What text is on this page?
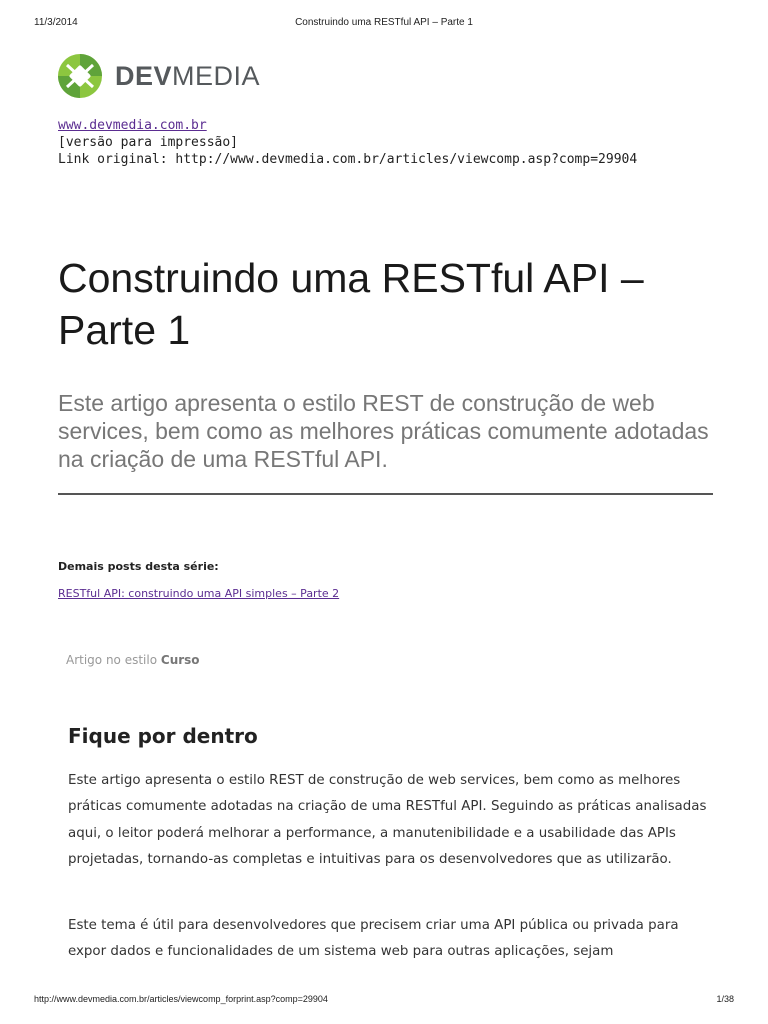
11/3/2014	Construindo uma RESTful API – Parte 1
DEVMEDIA
www.devmedia.com.br
[versão para impressão]
Link original: http://www.devmedia.com.br/articles/viewcomp.asp?comp=29904
Construindo uma RESTful API – Parte 1

Este artigo apresenta o estilo REST de construção de web services, bem como as melhores práticas comumente adotadas na criação de uma RESTful API.

Demais posts desta série:
RESTful API: construindo uma API simples – Parte 2
Artigo no estilo Curso
Fique por dentro

Este artigo apresenta o estilo REST de construção de web services, bem como as melhores práticas comumente adotadas na criação de uma RESTful API. Seguindo as práticas analisadas aqui, o leitor poderá melhorar a performance, a manutenibilidade e a usabilidade das APIs projetadas, tornando-as completas e intuitivas para os desenvolvedores que as utilizarão.

Este tema é útil para desenvolvedores que precisem criar uma API pública ou privada para expor dados e funcionalidades de um sistema web para outras aplicações, sejam

http://www.devmedia.com.br/articles/viewcomp_forprint.asp?comp=29904	1/38
